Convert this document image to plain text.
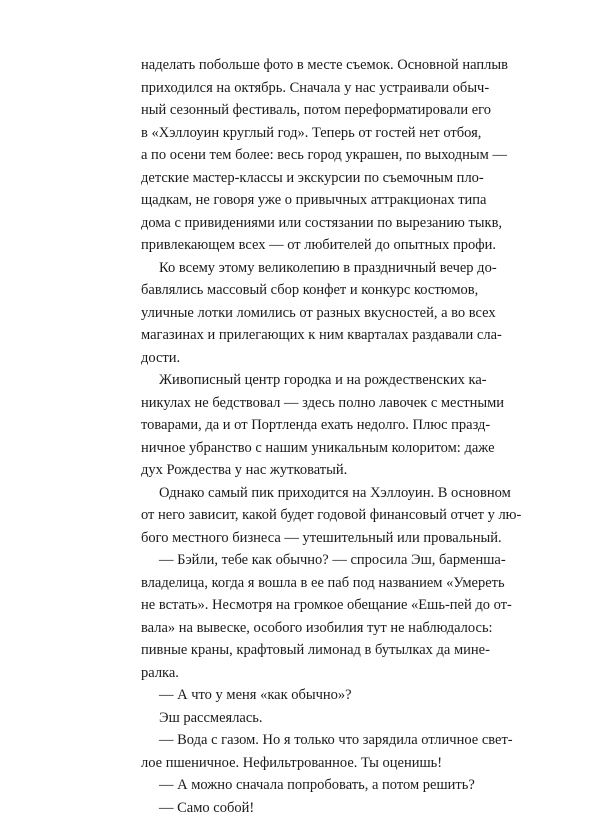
наделать побольше фото в месте съемок. Основной наплыв
приходился на октябрь. Сначала у нас устраивали обыч-
ный сезонный фестиваль, потом переформатировали его
в «Хэллоуин круглый год». Теперь от гостей нет отбоя,
а по осени тем более: весь город украшен, по выходным —
детские мастер-классы и экскурсии по съемочным пло-
щадкам, не говоря уже о привычных аттракционах типа
дома с привидениями или состязании по вырезанию тыкв,
привлекающем всех — от любителей до опытных профи.
Ко всему этому великолепию в праздничный вечер до-
бавлялись массовый сбор конфет и конкурс костюмов,
уличные лотки ломились от разных вкусностей, а во всех
магазинах и прилегающих к ним кварталах раздавали сла-
дости.
Живописный центр городка и на рождественских ка-
никулах не бедствовал — здесь полно лавочек с местными
товарами, да и от Портленда ехать недолго. Плюс празд-
ничное убранство с нашим уникальным колоритом: даже
дух Рождества у нас жутковатый.
Однако самый пик приходится на Хэллоуин. В основном
от него зависит, какой будет годовой финансовый отчет у лю-
бого местного бизнеса — утешительный или провальный.
— Бэйли, тебе как обычно? — спросила Эш, барменша-
владелица, когда я вошла в ее паб под названием «Умереть
не встать». Несмотря на громкое обещание «Ешь-пей до от-
вала» на вывеске, особого изобилия тут не наблюдалось:
пивные краны, крафтовый лимонад в бутылках да мине-
ралка.
— А что у меня «как обычно»?
Эш рассмеялась.
— Вода с газом. Но я только что зарядила отличное свет-
лое пшеничное. Нефильтрованное. Ты оценишь!
— А можно сначала попробовать, а потом решить?
— Само собой!
